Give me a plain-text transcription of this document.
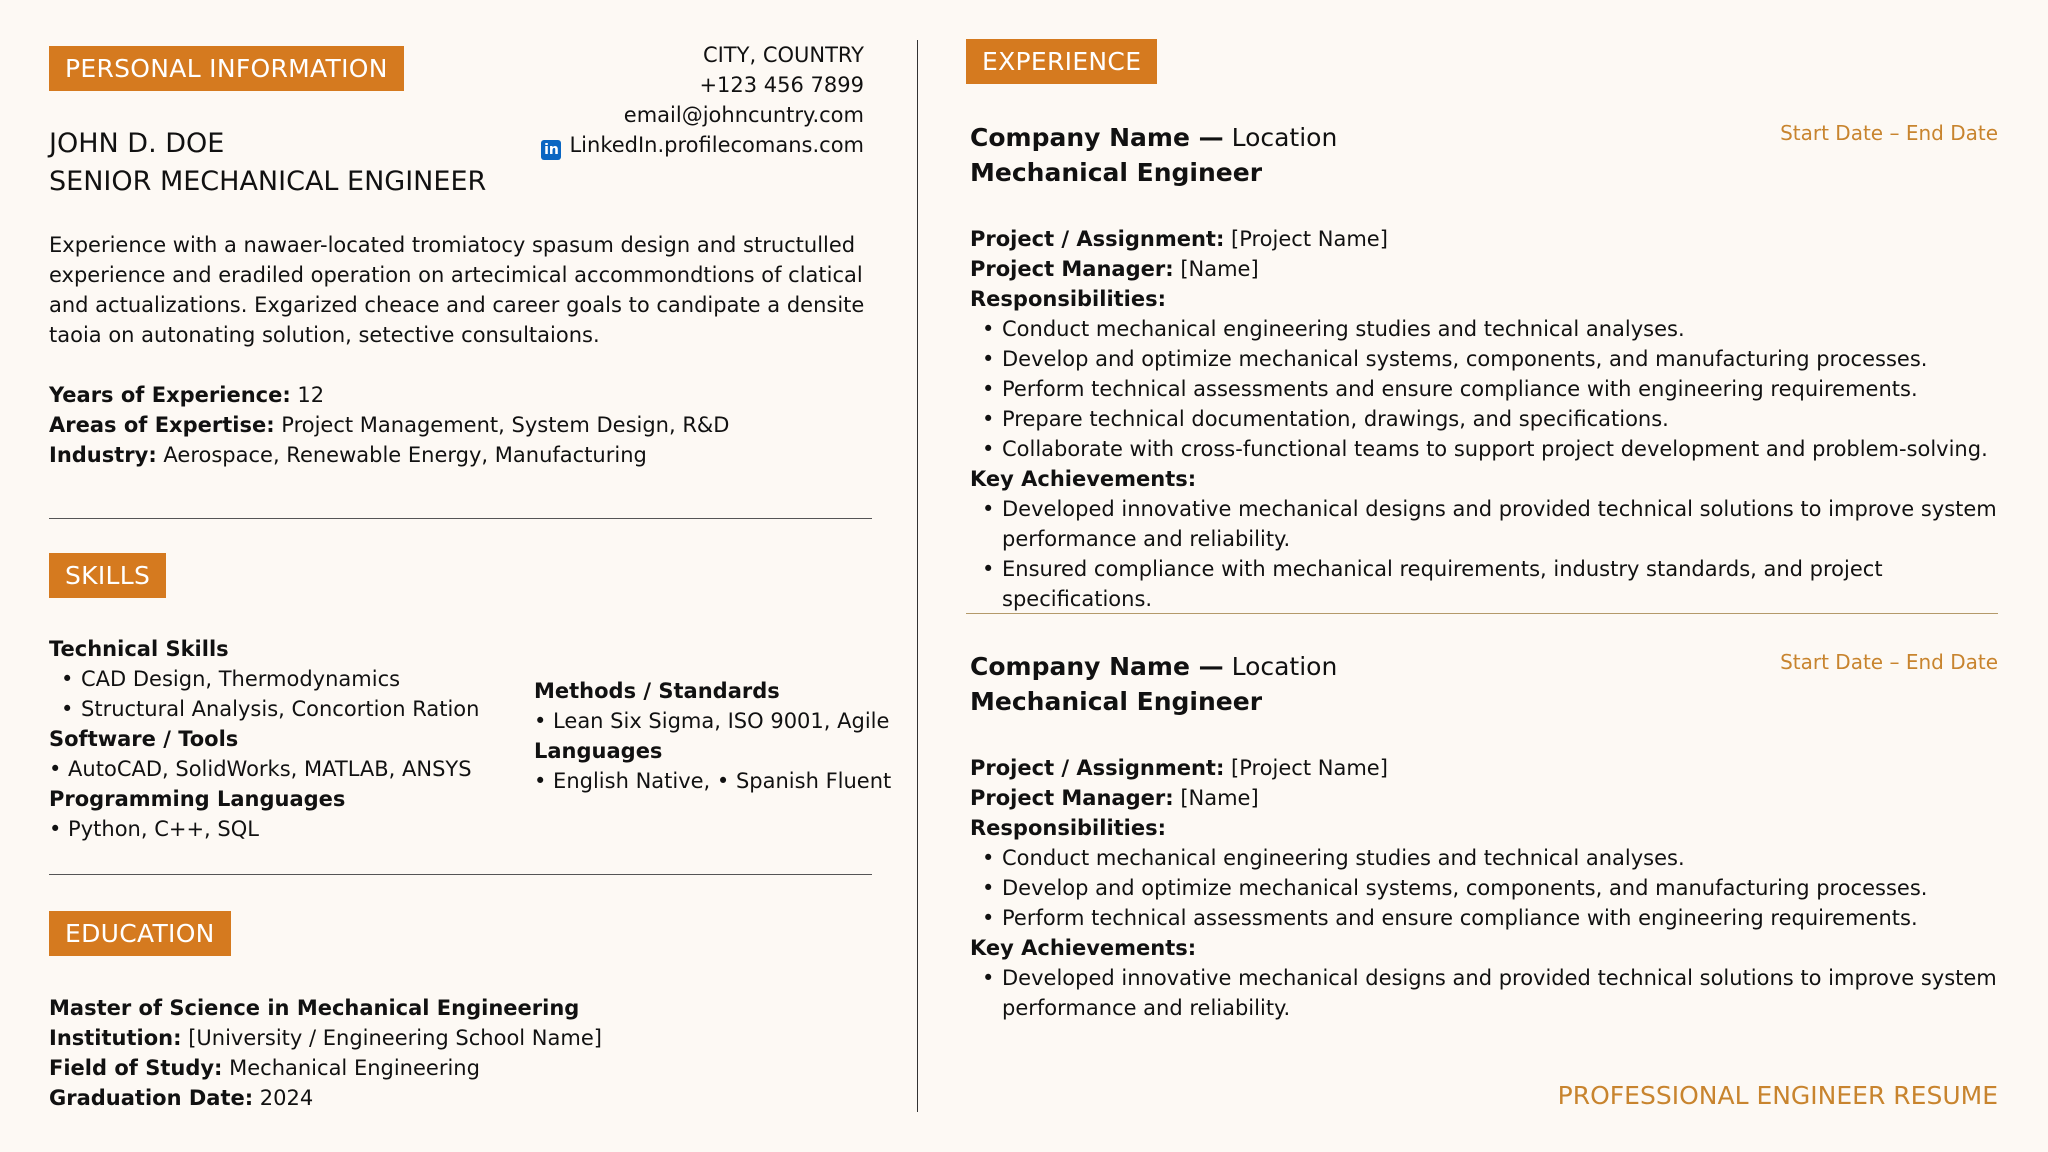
PERSONAL INFORMATION	CITY, COUNTRY
+123 456 7899
email@johncuntry.com
in LinkedIn.profilecomans.com
JOHN D. DOE
SENIOR MECHANICAL ENGINEER
Experience with a nawaer-located tromiatocy spasum design and structulled
experience and eradiled operation on artecimical accommondtions of clatical
and actualizations. Exgarized cheace and career goals to candipate a densite
taoia on autonating solution, setective consultaions.
Years of Experience: 12
Areas of Expertise: Project Management, System Design, R&D
Industry: Aerospace, Renewable Energy, Manufacturing
SKILLS
Technical Skills
• CAD Design, Thermodynamics
• Structural Analysis, Concortion Ration
Software / Tools
• AutoCAD, SolidWorks, MATLAB, ANSYS
Programming Languages
• Python, C++, SQL
Methods / Standards
• Lean Six Sigma, ISO 9001, Agile
Languages
• English Native, • Spanish Fluent
EDUCATION
Master of Science in Mechanical Engineering
Institution: [University / Engineering School Name]
Field of Study: Mechanical Engineering
Graduation Date: 2024
EXPERIENCE
Company Name — Location
Mechanical Engineer
Start Date – End Date
Project / Assignment: [Project Name]
Project Manager: [Name]
Responsibilities:
• Conduct mechanical engineering studies and technical analyses.
• Develop and optimize mechanical systems, components, and manufacturing processes.
• Perform technical assessments and ensure compliance with engineering requirements.
• Prepare technical documentation, drawings, and specifications.
• Collaborate with cross-functional teams to support project development and problem-solving.
Key Achievements:
• Developed innovative mechanical designs and provided technical solutions to improve system
performance and reliability.
• Ensured compliance with mechanical requirements, industry standards, and project specifications.
Company Name — Location
Mechanical Engineer
Start Date – End Date
Project / Assignment: [Project Name]
Project Manager: [Name]
Responsibilities:
• Conduct mechanical engineering studies and technical analyses.
• Develop and optimize mechanical systems, components, and manufacturing processes.
• Perform technical assessments and ensure compliance with engineering requirements.
Key Achievements:
• Developed innovative mechanical designs and provided technical solutions to improve system
performance and reliability.
PROFESSIONAL ENGINEER RESUME
